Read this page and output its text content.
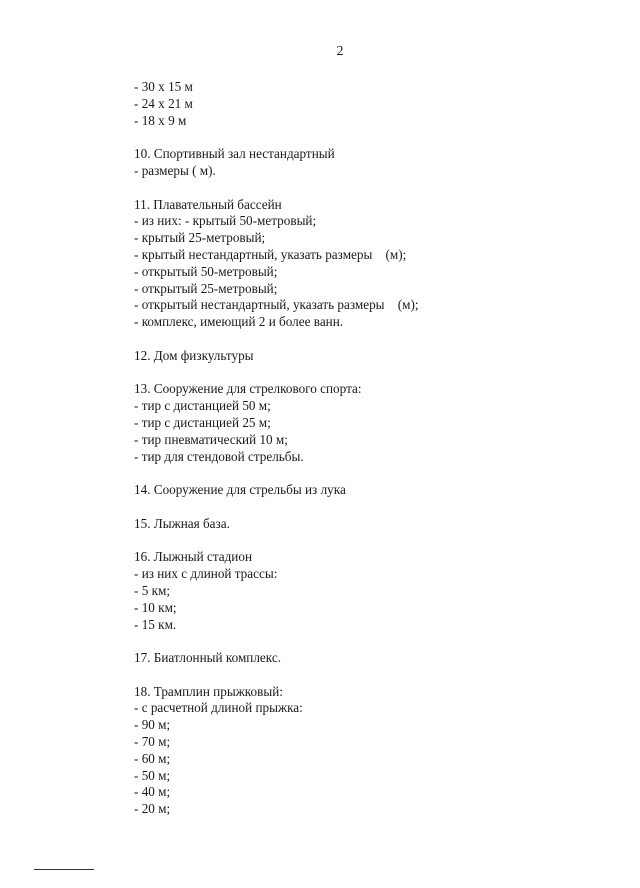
2
- 30 х 15 м
- 24 х 21 м
- 18 х 9 м
10. Спортивный зал нестандартный
- размеры ( м).
11. Плавательный бассейн
- из них: - крытый 50-метровый;
- крытый 25-метровый;
- крытый нестандартный, указать размеры    (м);
- открытый 50-метровый;
- открытый 25-метровый;
- открытый нестандартный, указать размеры    (м);
- комплекс, имеющий 2 и более ванн.
12. Дом физкультуры
13. Сооружение для стрелкового спорта:
- тир с дистанцией 50 м;
- тир с дистанцией 25 м;
- тир пневматический 10 м;
- тир для стендовой стрельбы.
14. Сооружение для стрельбы из лука
15. Лыжная база.
16. Лыжный стадион
- из них с длиной трассы:
- 5 км;
- 10 км;
- 15 км.
17. Биатлонный комплекс.
18. Трамплин прыжковый:
- с расчетной длиной прыжка:
- 90 м;
- 70 м;
- 60 м;
- 50 м;
- 40 м;
- 20 м;
